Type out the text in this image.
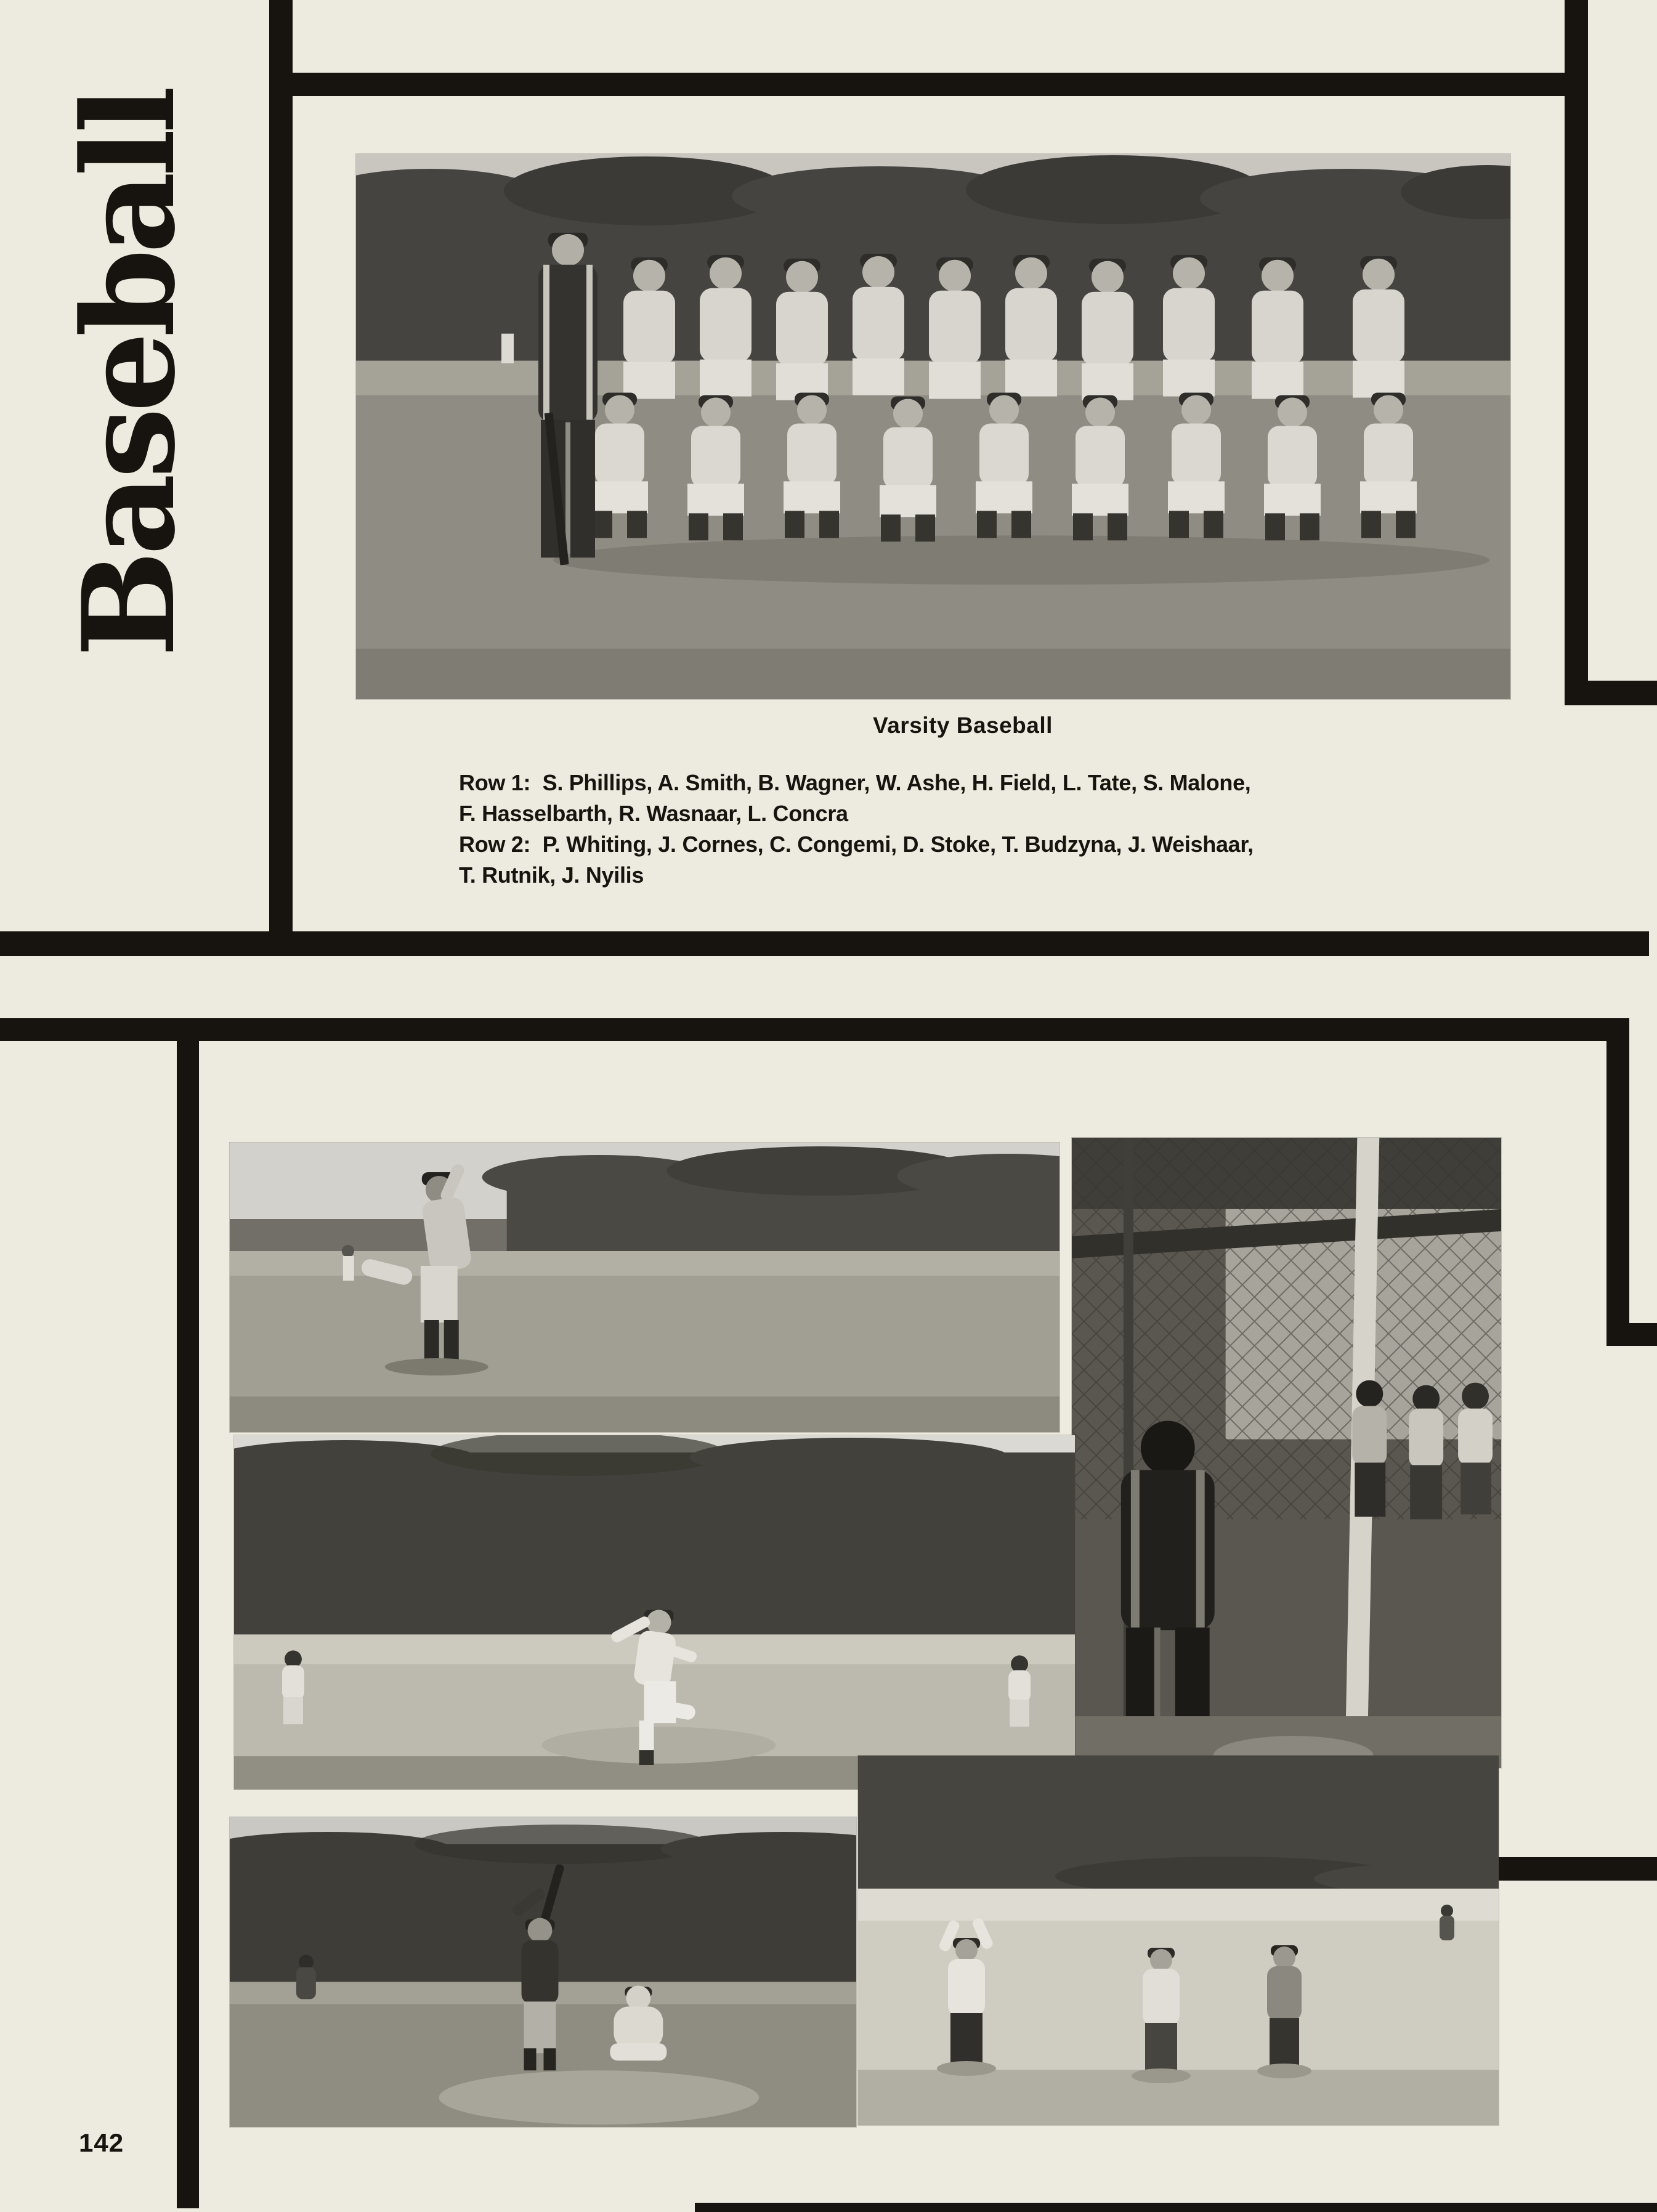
Baseball
Varsity Baseball
Row 1:  S. Phillips, A. Smith, B. Wagner, W. Ashe, H. Field, L. Tate, S. Malone,
F. Hasselbarth, R. Wasnaar, L. Concra
Row 2:  P. Whiting, J. Cornes, C. Congemi, D. Stoke, T. Budzyna, J. Weishaar,
T. Rutnik, J. Nyilis
142
